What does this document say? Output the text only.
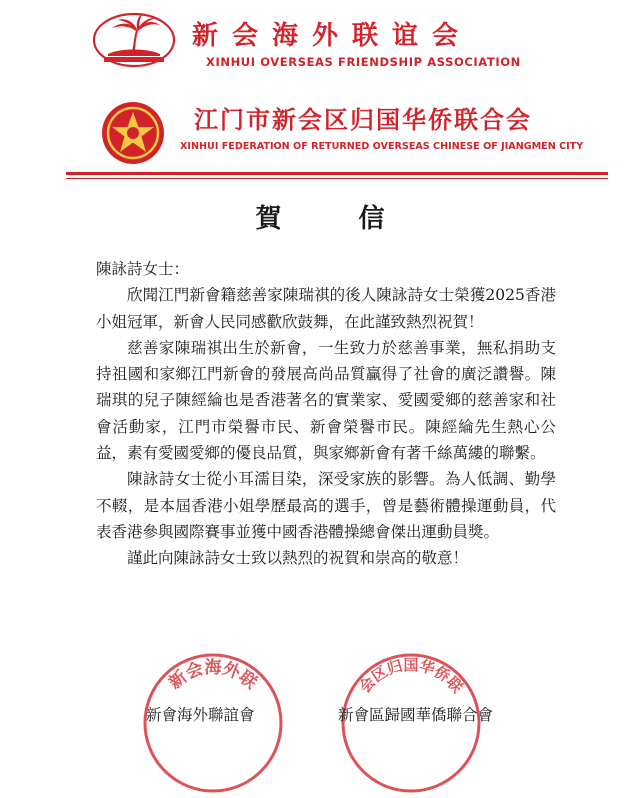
新会海外联谊会
XINHUI OVERSEAS FRIENDSHIP ASSOCIATION
江门市新会区归国华侨联合会
XINHUI FEDERATION OF RETURNED OVERSEAS CHINESE OF JIANGMEN CITY
賀 信

陳詠詩女士：

欣聞江門新會籍慈善家陳瑞祺的後人陳詠詩女士榮獲2025香港小姐冠軍，新會人民同感歡欣鼓舞，在此謹致熱烈祝賀！

慈善家陳瑞祺出生於新會，一生致力於慈善事業，無私捐助支持祖國和家鄉江門新會的發展高尚品質贏得了社會的廣泛讚譽。陳瑞琪的兒子陳經綸也是香港著名的實業家、愛國愛鄉的慈善家和社會活動家，江門市榮譽市民、新會榮譽市民。陳經綸先生熱心公益，素有愛國愛鄉的優良品質，與家鄉新會有著千絲萬縷的聯繫。

陳詠詩女士從小耳濡目染，深受家族的影響。為人低調、勤學不輟，是本屆香港小姐學歷最高的選手，曾是藝術體操運動員，代表香港參與國際賽事並獲中國香港體操總會傑出運動員獎。

謹此向陳詠詩女士致以熱烈的祝賀和崇高的敬意！

新会海外联	会区归国华侨联
新會海外聯誼會	新會區歸國華僑聯合會
